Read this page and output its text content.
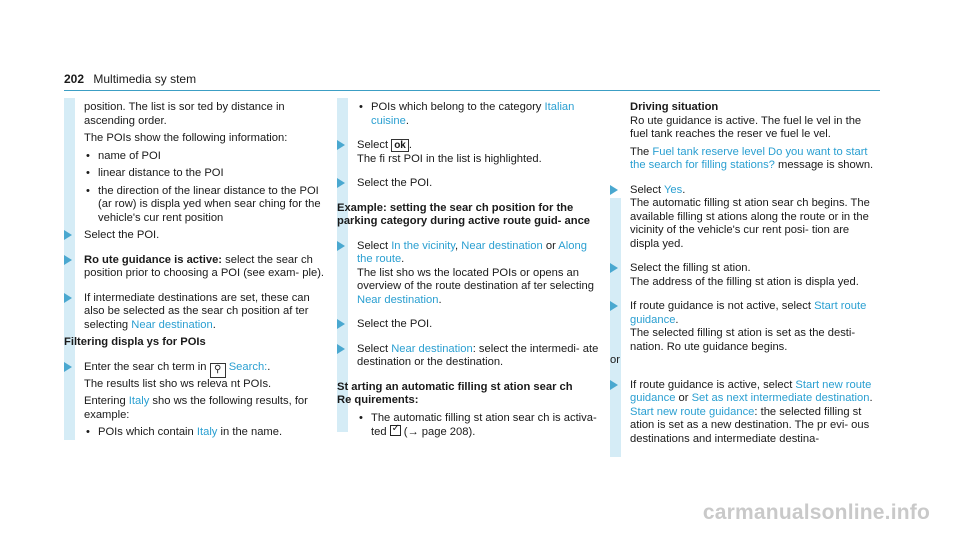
202 Multimedia sy stem

position. The list is sor ted by distance in ascending order.

The POIs show the following information:

• name of POI

• linear distance to the POI

• the direction of the linear distance to the POI (ar row) is displa yed when sear ching for the vehicle's cur rent position

Select the POI.

Ro ute guidance is active: select the sear ch position prior to choosing a POI (see exam‐ ple).

If intermediate destinations are set, these can also be selected as the sear ch position af ter selecting Near destination.

Filtering displa ys for POIs

Enter the sear ch term in ⚲ Search:.
The results list sho ws releva nt POIs.

Entering Italy sho ws the following results, for example:

• POIs which contain Italy in the name.

• POIs which belong to the category Italian cuisine.

Select ok .
The fi rst POI in the list is highlighted.

Select the POI.

Example: setting the sear ch position for the parking category during active route guid‐ ance

Select In the vicinity, Near destination or Along the route.
The list sho ws the located POIs or opens an overview of the route destination af ter selecting Near destination.

Select the POI.

Select Near destination: select the intermedi‐ ate destination or the destination.

St arting an automatic filling st ation sear ch

Re quirements:

• The automatic filling st ation sear ch is activa‐ ted ✓ (→ page 208).

Driving situation

Ro ute guidance is active. The fuel le vel in the fuel tank reaches the reser ve fuel le vel.

The Fuel tank reserve level Do you want to start the search for filling stations? message is shown.

Select Yes.
The automatic filling st ation sear ch begins. The available filling st ations along the route or in the vicinity of the vehicle's cur rent posi‐ tion are displa yed.

Select the filling st ation.
The address of the filling st ation is displa yed.

If route guidance is not active, select Start route guidance.
The selected filling st ation is set as the desti‐ nation. Ro ute guidance begins.

or

If route guidance is active, select Start new route guidance or Set as next intermediate destination.
Start new route guidance: the selected filling st ation is set as a new destination. The pr evi‐ ous destinations and intermediate destina‐

carmanualsonline.info
